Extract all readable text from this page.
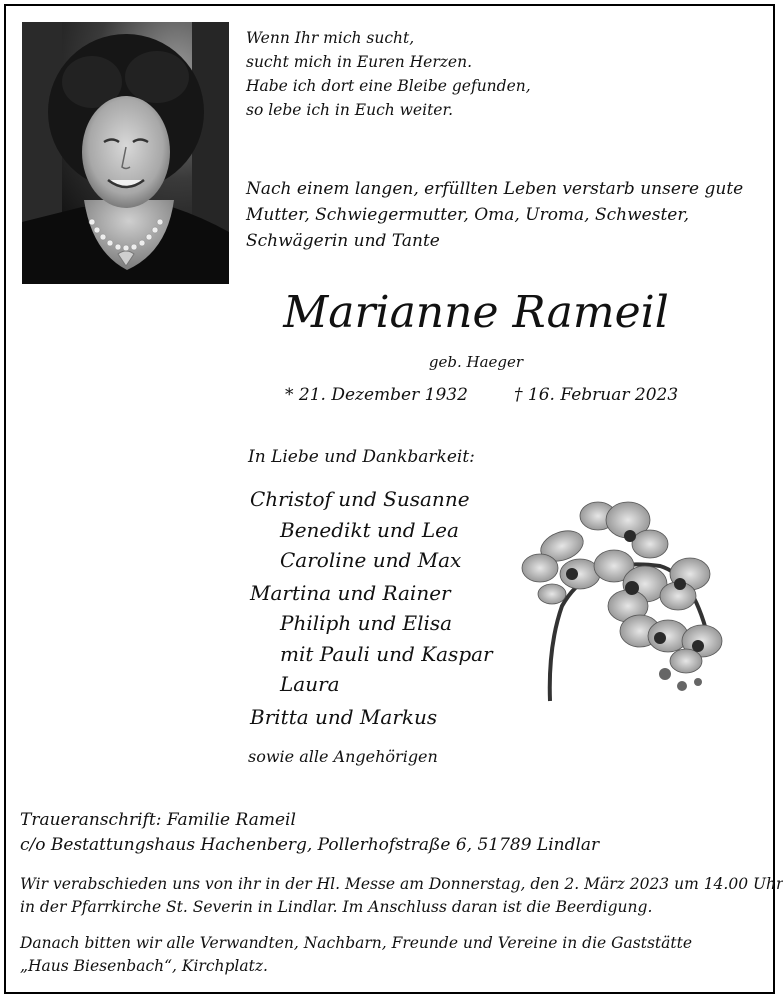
Wenn Ihr mich sucht,
sucht mich in Euren Herzen.
Habe ich dort eine Bleibe gefunden,
so lebe ich in Euch weiter.
Nach einem langen, erfüllten Leben verstarb unsere gute
Mutter, Schwiegermutter, Oma, Uroma, Schwester,
Schwägerin und Tante
Marianne Rameil
geb. Haeger
* 21. Dezember 1932	† 16. Februar 2023
In Liebe und Dankbarkeit:
Christof und Susanne
Benedikt und Lea
Caroline und Max
Martina und Rainer
Philiph und Elisa
mit Pauli und Kaspar
Laura
Britta und Markus
sowie alle Angehörigen
Traueranschrift: Familie Rameil
c/o Bestattungshaus Hachenberg, Pollerhofstraße 6, 51789 Lindlar
Wir verabschieden uns von ihr in der Hl. Messe am Donnerstag, den 2. März 2023 um 14.00 Uhr
in der Pfarrkirche St. Severin in Lindlar. Im Anschluss daran ist die Beerdigung.
Danach bitten wir alle Verwandten, Nachbarn, Freunde und Vereine in die Gaststätte
„Haus Biesenbach“, Kirchplatz.
